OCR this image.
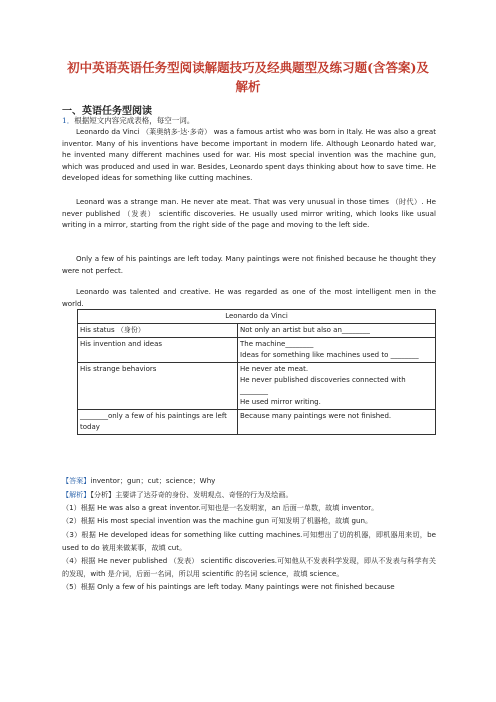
初中英语英语任务型阅读解题技巧及经典题型及练习题(含答案)及
解析
一、英语任务型阅读
1．根据短文内容完成表格，每空一词。
Leonardo da Vinci （莱奥纳多·达·多奇） was a famous artist who was born in Italy. He was also a great inventor. Many of his inventions have become important in modern life. Although Leonardo hated war, he invented many different machines used for war. His most special invention was the machine gun, which was produced and used in war. Besides, Leonardo spent days thinking about how to save time. He developed ideas for something like cutting machines.
Leonard was a strange man. He never ate meat. That was very unusual in those times （时代）. He never published （发表） scientific discoveries. He usually used mirror writing, which looks like usual writing in a mirror, starting from the right side of the page and moving to the left side.
Only a few of his paintings are left today. Many paintings were not finished because he thought they were not perfect.
Leonardo was talented and creative. He was regarded as one of the most intelligent men in the world.
Leonardo da Vinci	
His status （身份）	Not only an artist but also an________

His invention and ideas	The machine________
Ideas for something like machines used to ________

His strange behaviors	He never ate meat.
He never published discoveries connected with ________
He used mirror writing.

________only a few of his paintings are left today	Because many paintings were not finished.
【答案】inventor；gun；cut；science；Why
【解析】【分析】主要讲了达芬奇的身份、发明观点、奇怪的行为及绘画。
（1）根据 He was also a great inventor.可知也是一名发明家，an 后面一单数，故填 inventor。
（2）根据 His most special invention was the machine gun 可知发明了机器枪，故填 gun。
（3）根据 He developed ideas for something like cutting machines.可知想出了切的机器，即机器用来切，be used to do 被用来做某事，故填 cut。
（4）根据 He never published （发表） scientific discoveries.可知他从不发表科学发现，即从不发表与科学有关的发现，with 是介词，后面一名词，所以用 scientific 的名词 science，故填 science。
（5）根据 Only a few of his paintings are left today. Many paintings were not finished because
